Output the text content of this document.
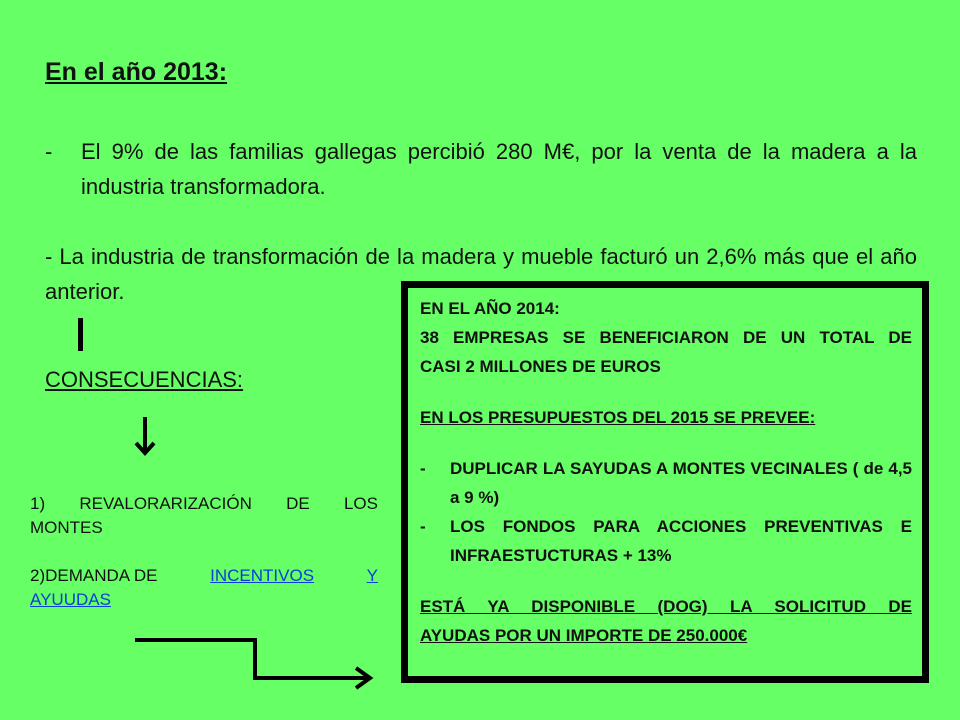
En el año 2013:
-	El 9% de las familias gallegas percibió 280 M€, por la venta de la madera a la industria transformadora.
- La industria de transformación de la madera y mueble facturó un 2,6% más que el año anterior.
CONSECUENCIAS:
1) REVALORARIZACIÓN DE LOS
MONTES
2)DEMANDA DE	INCENTIVOS	Y
AYUUDAS
EN EL AÑO 2014:
38 EMPRESAS SE BENEFICIARON DE UN TOTAL DE
CASI 2 MILLONES DE EUROS
EN LOS PRESUPUESTOS DEL 2015 SE PREVEE:
-	DUPLICAR LA SAYUDAS A MONTES VECINALES ( de 4,5 a 9 %)
-	LOS FONDOS PARA ACCIONES PREVENTIVAS E INFRAESTUCTURAS + 13%
ESTÁ YA DISPONIBLE (DOG) LA SOLICITUD DE
AYUDAS POR UN IMPORTE DE 250.000€
